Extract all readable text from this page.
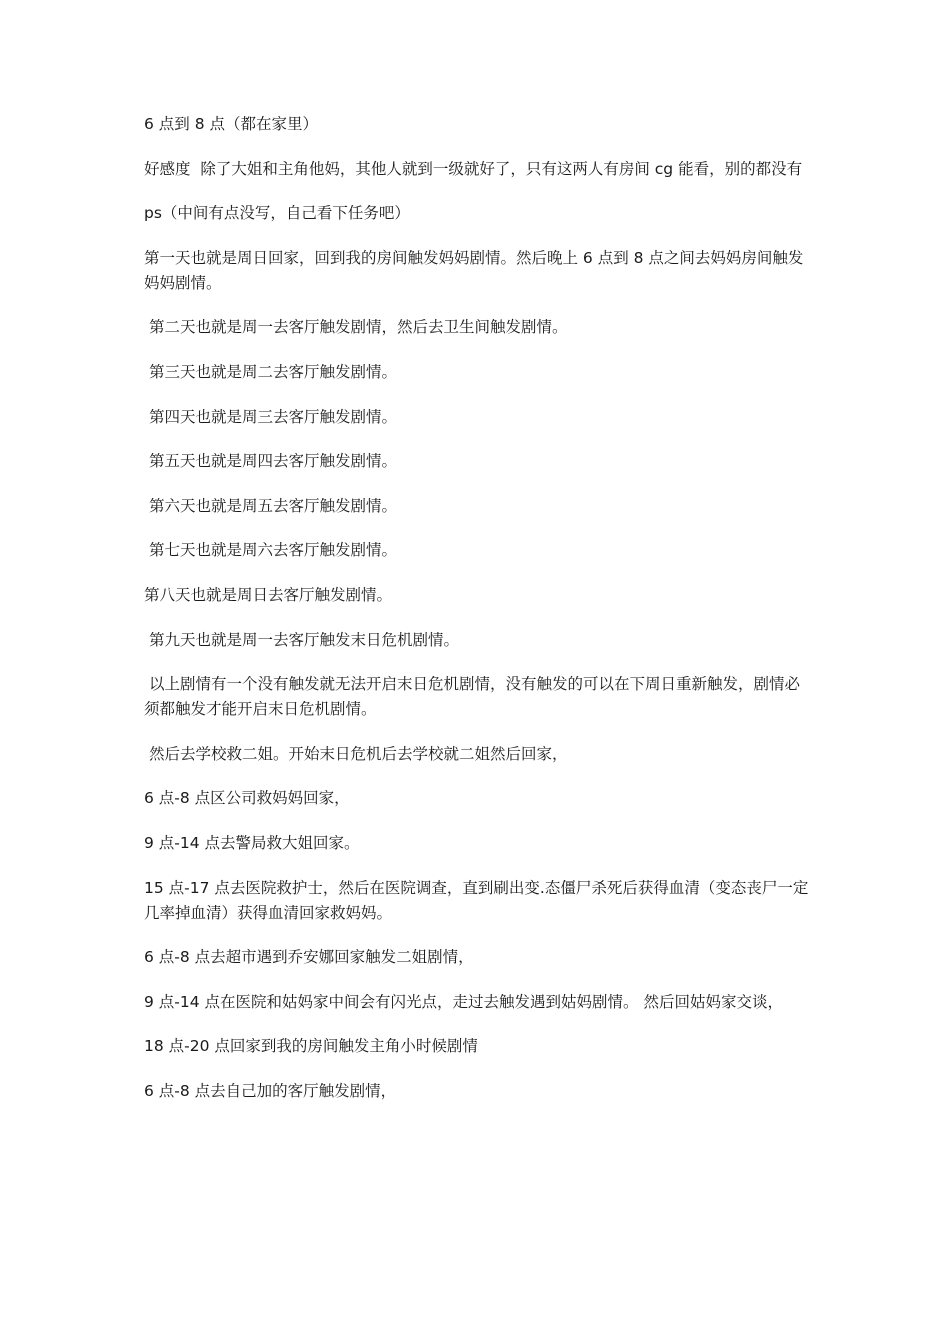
6 点到 8 点（都在家里）

好感度  除了大姐和主角他妈，其他人就到一级就好了，只有这两人有房间 cg 能看，别的都没有

ps（中间有点没写，自己看下任务吧）

第一天也就是周日回家，回到我的房间触发妈妈剧情。然后晚上 6 点到 8 点之间去妈妈房间触发妈妈剧情。

第二天也就是周一去客厅触发剧情，然后去卫生间触发剧情。

第三天也就是周二去客厅触发剧情。

第四天也就是周三去客厅触发剧情。

第五天也就是周四去客厅触发剧情。

第六天也就是周五去客厅触发剧情。

第七天也就是周六去客厅触发剧情。

第八天也就是周日去客厅触发剧情。

第九天也就是周一去客厅触发末日危机剧情。

以上剧情有一个没有触发就无法开启末日危机剧情，没有触发的可以在下周日重新触发，剧情必须都触发才能开启末日危机剧情。

然后去学校救二姐。开始末日危机后去学校就二姐然后回家，

6 点-8 点区公司救妈妈回家，

9 点-14 点去警局救大姐回家。

15 点-17 点去医院救护士，然后在医院调查，直到刷出变.态僵尸杀死后获得血清（变态丧尸一定几率掉血清）获得血清回家救妈妈。

6 点-8 点去超市遇到乔安娜回家触发二姐剧情，

9 点-14 点在医院和姑妈家中间会有闪光点，走过去触发遇到姑妈剧情。 然后回姑妈家交谈，

18 点-20 点回家到我的房间触发主角小时候剧情

6 点-8 点去自己加的客厅触发剧情，
